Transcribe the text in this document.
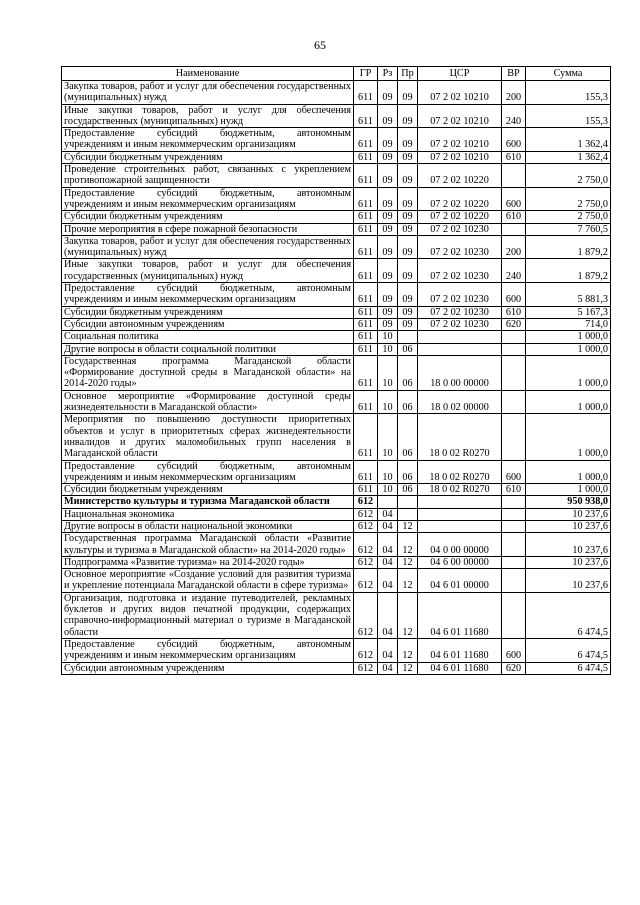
65
Наименование	ГР	Рз	Пр	ЦСР	ВР	Сумма
Закупка товаров, работ и услуг для обеспечения государственных (муниципальных) нужд	611	09	09	07 2 02 10210	200	155,3
Иные закупки товаров, работ и услуг для обеспечения государственных (муниципальных) нужд	611	09	09	07 2 02 10210	240	155,3
Предоставление субсидий бюджетным, автономным учреждениям и иным некоммерческим организациям	611	09	09	07 2 02 10210	600	1 362,4
Субсидии бюджетным учреждениям	611	09	09	07 2 02 10210	610	1 362,4
Проведение строительных работ, связанных с укреплением противопожарной защищенности	611	09	09	07 2 02 10220		2 750,0
Предоставление субсидий бюджетным, автономным учреждениям и иным некоммерческим организациям	611	09	09	07 2 02 10220	600	2 750,0
Субсидии бюджетным учреждениям	611	09	09	07 2 02 10220	610	2 750,0
Прочие мероприятия в сфере пожарной безопасности	611	09	09	07 2 02 10230		7 760,5
Закупка товаров, работ и услуг для обеспечения государственных (муниципальных) нужд	611	09	09	07 2 02 10230	200	1 879,2
Иные закупки товаров, работ и услуг для обеспечения государственных (муниципальных) нужд	611	09	09	07 2 02 10230	240	1 879,2
Предоставление субсидий бюджетным, автономным учреждениям и иным некоммерческим организациям	611	09	09	07 2 02 10230	600	5 881,3
Субсидии бюджетным учреждениям	611	09	09	07 2 02 10230	610	5 167,3
Субсидии автономным учреждениям	611	09	09	07 2 02 10230	620	714,0
Социальная политика	611	10				1 000,0
Другие вопросы в области социальной политики	611	10	06			1 000,0
Государственная программа Магаданской области «Формирование доступной среды в Магаданской области» на 2014-2020 годы»	611	10	06	18 0 00 00000		1 000,0
Основное мероприятие «Формирование доступной среды жизнедеятельности в Магаданской области»	611	10	06	18 0 02 00000		1 000,0
Мероприятия по повышению доступности приоритетных объектов и услуг в приоритетных сферах жизнедеятельности инвалидов и других маломобильных групп населения в Магаданской области	611	10	06	18 0 02 R0270		1 000,0
Предоставление субсидий бюджетным, автономным учреждениям и иным некоммерческим организациям	611	10	06	18 0 02 R0270	600	1 000,0
Субсидии бюджетным учреждениям	611	10	06	18 0 02 R0270	610	1 000,0
Министерство культуры и туризма Магаданской области	612					950 938,0
Национальная экономика	612	04				10 237,6
Другие вопросы в области национальной экономики	612	04	12			10 237,6
Государственная программа Магаданской области «Развитие культуры и туризма в Магаданской области» на 2014-2020 годы»	612	04	12	04 0 00 00000		10 237,6
Подпрограмма «Развитие туризма» на 2014-2020 годы»	612	04	12	04 6 00 00000		10 237,6
Основное мероприятие «Создание условий для развития туризма и укрепление потенциала Магаданской области в сфере туризма»	612	04	12	04 6 01 00000		10 237,6
Организация, подготовка и издание путеводителей, рекламных буклетов и других видов печатной продукции, содержащих справочно-информационный материал о туризме в Магаданской области	612	04	12	04 6 01 11680		6 474,5
Предоставление субсидий бюджетным, автономным учреждениям и иным некоммерческим организациям	612	04	12	04 6 01 11680	600	6 474,5
Субсидии автономным учреждениям	612	04	12	04 6 01 11680	620	6 474,5
